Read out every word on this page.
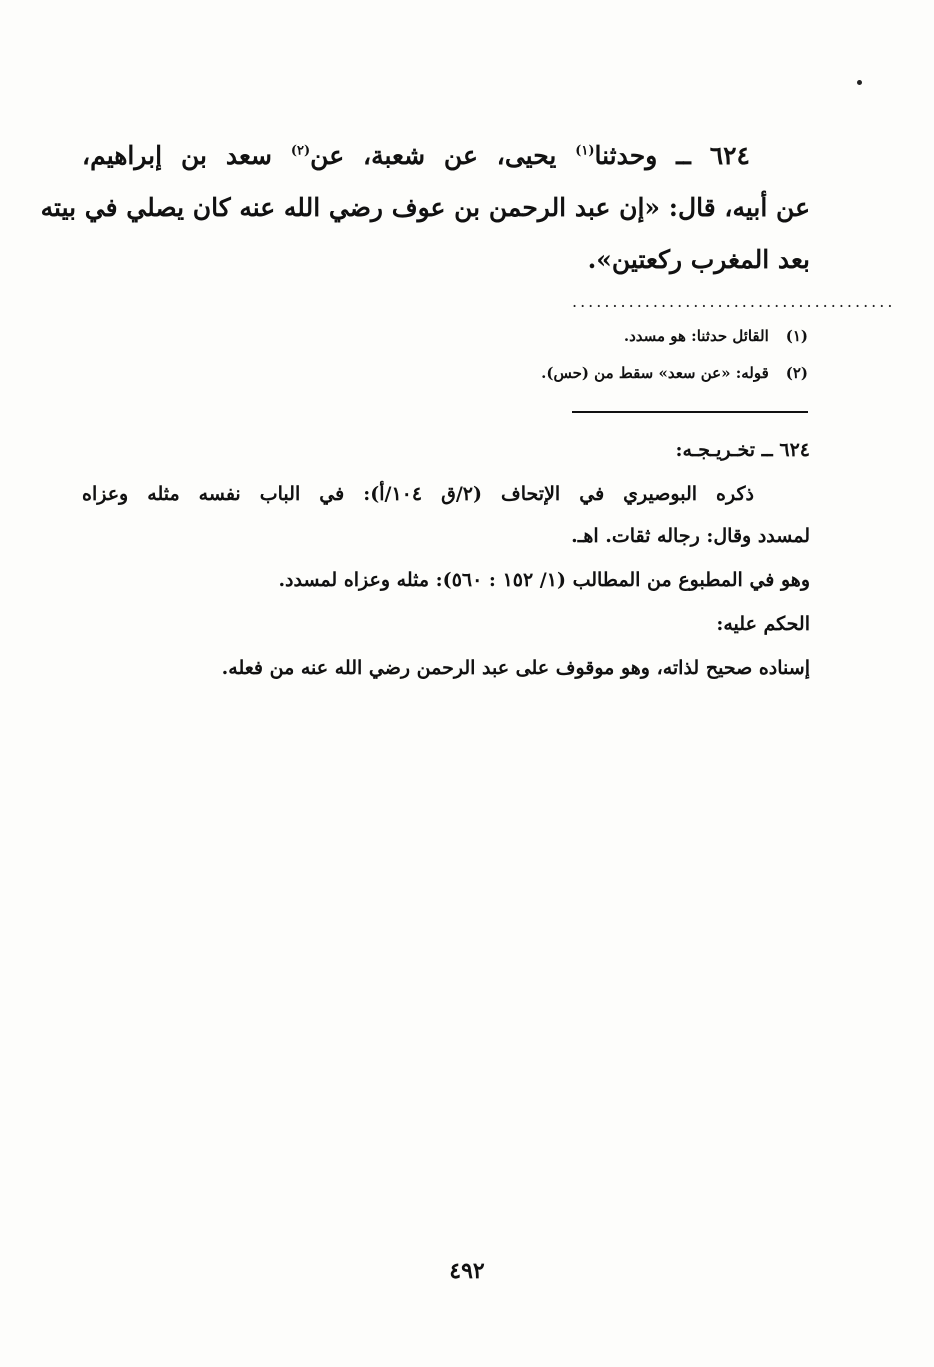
٦٢٤ ــ وحدثنا$^{(١)}$ يحيى، عن شعبة، عن$^{(٢)}$ سعد بن إبراهيم،
عن أبيه، قال: «إن عبد الرحمن بن عوف رضي الله عنه كان يصلي في بيته
بعد المغرب ركعتين».
........................................
(١) القائل حدثنا: هو مسدد.
(٢) قوله: «عن سعد» سقط من (حس).
٦٢٤ ــ تخـريـجـه:
ذكره البوصيري في الإتحاف (٢/ق ١٠٤/أ): في الباب نفسه مثله وعزاه
لمسدد وقال: رجاله ثقات. اهـ.
وهو في المطبوع من المطالب (١/ ١٥٢ : ٥٦٠): مثله وعزاه لمسدد.
الحكم عليه:
إسناده صحيح لذاته، وهو موقوف على عبد الرحمن رضي الله عنه من فعله.
٤٩٢
